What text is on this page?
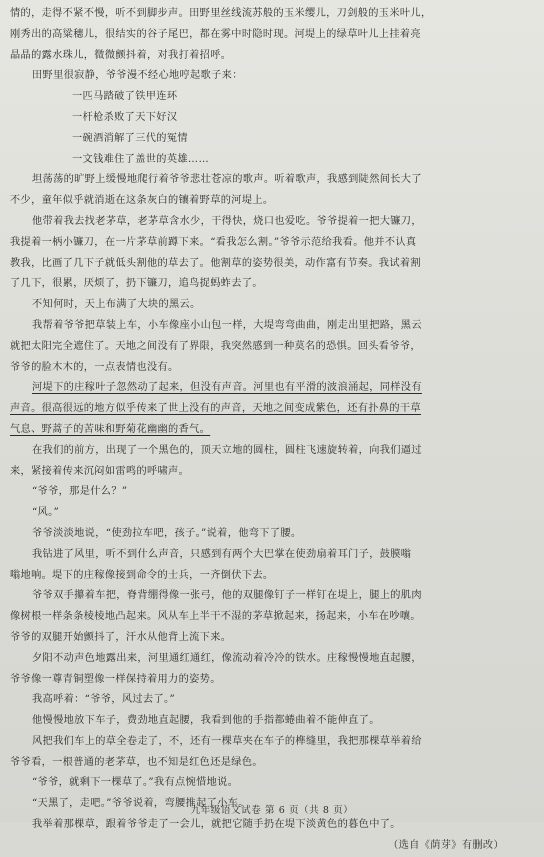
情的，走得不紧不慢，听不到脚步声。田野里丝线流苏般的玉米缨儿，刀剑般的玉米叶儿，
刚秀出的高粱穗儿，很结实的谷子尾巴，都在雾中时隐时现。河堤上的绿草叶儿上挂着亮
晶晶的露水珠儿，微微颤抖着，对我打着招呼。
田野里很寂静，爷爷漫不经心地哼起歌子来：
一匹马踏破了铁甲连环
一杆枪杀败了天下好汉
一碗酒消解了三代的冤情
一文钱难住了盖世的英雄……
坦荡荡的旷野上缓慢地爬行着爷爷悲壮苍凉的歌声。听着歌声，我感到陡然间长大了
不少，童年似乎就消逝在这条灰白的镶着野草的河堤上。
他带着我去找老茅草，老茅草含水少，干得快，烧口也爱吃。爷爷提着一把大镰刀，
我提着一柄小镰刀，在一片茅草前蹲下来。“看我怎么割。”爷爷示范给我看。他并不认真
教我，比画了几下子就低头割他的草去了。他割草的姿势很美，动作富有节奏。我试着割
了几下，很累，厌烦了，扔下镰刀，追鸟捉蚂蚱去了。
不知何时，天上布满了大块的黑云。
我帮着爷爷把草装上车，小车像座小山包一样，大堤弯弯曲曲，刚走出里把路，黑云
就把太阳完全遮住了。天地之间没有了界限，我突然感到一种莫名的恐惧。回头看爷爷，
爷爷的脸木木的，一点表情也没有。
河堤下的庄稼叶子忽然动了起来，但没有声音。河里也有平滑的波浪涌起，同样没有
声音。很高很远的地方似乎传来了世上没有的声音，天地之间变成紫色，还有扑鼻的干草
气息、野蒿子的苦味和野菊花幽幽的香气。
在我们的前方，出现了一个黑色的，顶天立地的圆柱，圆柱飞速旋转着，向我们逼过
来，紧接着传来沉闷如雷鸣的呼啸声。
“爷爷，那是什么？”
“风。”
爷爷淡淡地说，“使劲拉车吧，孩子。”说着，他弯下了腰。
我钻进了风里，听不到什么声音，只感到有两个大巴掌在使劲扇着耳门子，鼓膜嗡
嗡地响。堤下的庄稼像接到命令的士兵，一齐倒伏下去。
爷爷双手攥着车把，脊背绷得像一张弓，他的双腿像钉子一样钉在堤上，腿上的肌肉
像树根一样条条棱棱地凸起来。风从车上半干不湿的茅草掀起来，扬起来，小车在吵嚷。
爷爷的双腿开始颤抖了，汗水从他背上流下来。
夕阳不动声色地露出来，河里通红通红，像流动着冷冷的铁水。庄稼慢慢地直起腰，
爷爷像一尊青铜塑像一样保持着用力的姿势。
我高呼着：“爷爷，风过去了。”
他慢慢地放下车子，费劲地直起腰，我看到他的手指都蜷曲着不能伸直了。
风把我们车上的草全卷走了，不，还有一棵草夹在车子的榫缝里，我把那棵草举着给
爷爷看，一根普通的老茅草，也不知是红色还是绿色。
“爷爷，就剩下一棵草了。”我有点惋惜地说。
“天黑了，走吧。”爷爷说着，弯腰推起了小车。
我举着那棵草，跟着爷爷走了一会儿，就把它随手扔在堤下淡黄色的暮色中了。
（选自《荫芽》有删改）
九年级语文试卷 第 6 页（共 8 页）
